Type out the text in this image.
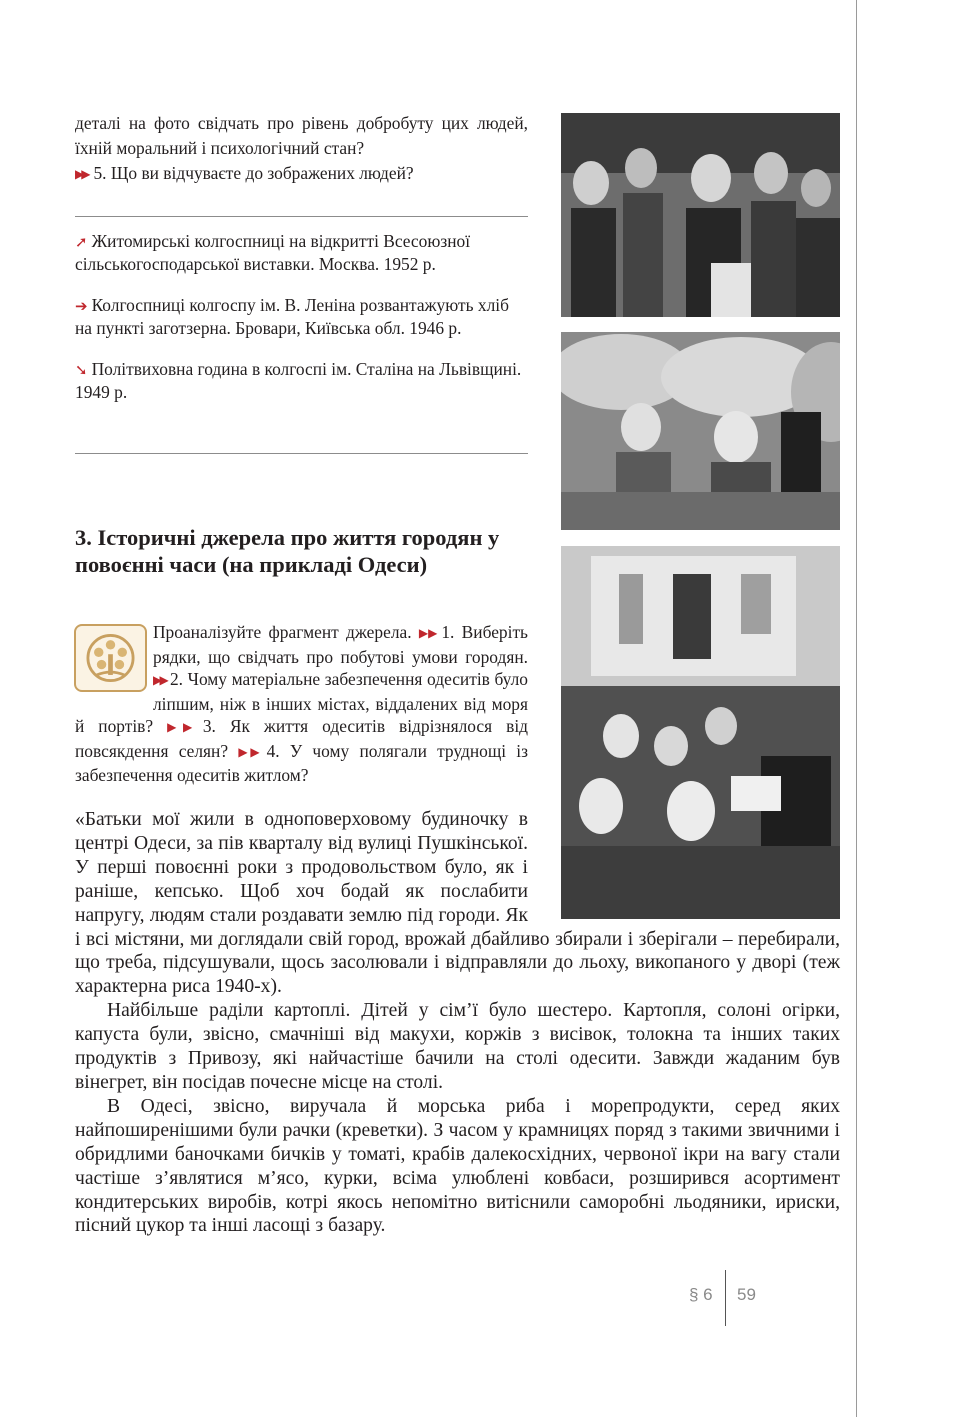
деталі на фото свідчать про рівень добробуту цих людей, їхній моральний і психологічний стан?
▶▶ 5. Що ви відчуваєте до зображених людей?

➚ Житомирські колгоспниці на відкритті Всесоюзної сільськогосподарської виставки. Москва. 1952 р.

➔ Колгоспниці колгоспу ім. В. Леніна розвантажують хліб на пункті заготзерна. Бровари, Київська обл. 1946 р.

➘ Політвиховна година в колгоспі ім. Сталіна на Львівщині. 1949 р.

3. Історичні джерела про життя городян у повоєнні часи (на прикладі Одеси)
Проаналізуйте фрагмент джерела. ▶▶ 1. Виберіть рядки, що свідчать про побутові умови городян. ▶▶ 2. Чому матеріальне забезпечення одеситів було ліпшим, ніж в інших містах, віддалених від моря й портів? ▶▶ 3. Як життя одеситів відрізнялося від повсякдення селян? ▶▶ 4. У чому полягали труднощі із забезпечення одеситів житлом?

«Батьки мої жили в одноповерховому будиночку в центрі Одеси, за пів кварталу від вулиці Пушкінської. У перші повоєнні роки з продовольством було, як і раніше, кепсько. Щоб хоч бодай як послабити напругу, людям стали роздавати землю під городи. Як і всі містяни, ми доглядали свій город, врожай дбайливо збирали і зберігали – перебирали, що треба, підсушували, щось засолювали і відправляли до льоху, викопаного у дворі (теж характерна риса 1940-х).

Найбільше раділи картоплі. Дітей у сім’ї було шестеро. Картопля, солоні огірки, капуста були, звісно, смачніші від макухи, коржів з висівок, толокна та інших таких продуктів з Привозу, які найчастіше бачили на столі одесити. Завжди жаданим був вінегрет, він посідав почесне місце на столі.

В Одесі, звісно, виручала й морська риба і морепродукти, серед яких найпоширенішими були рачки (креветки). З часом у крамницях поряд з такими звичними і обридлими баночками бичків у томаті, крабів далекосхідних, червоної ікри на вагу стали частіше з’являтися м’ясо, курки, всіма улюблені ковбаси, розширився асортимент кондитерських виробів, котрі якось непомітно витіснили саморобні льодяники, ириски, пісний цукор та інші ласощі з базару.

§ 6 59
